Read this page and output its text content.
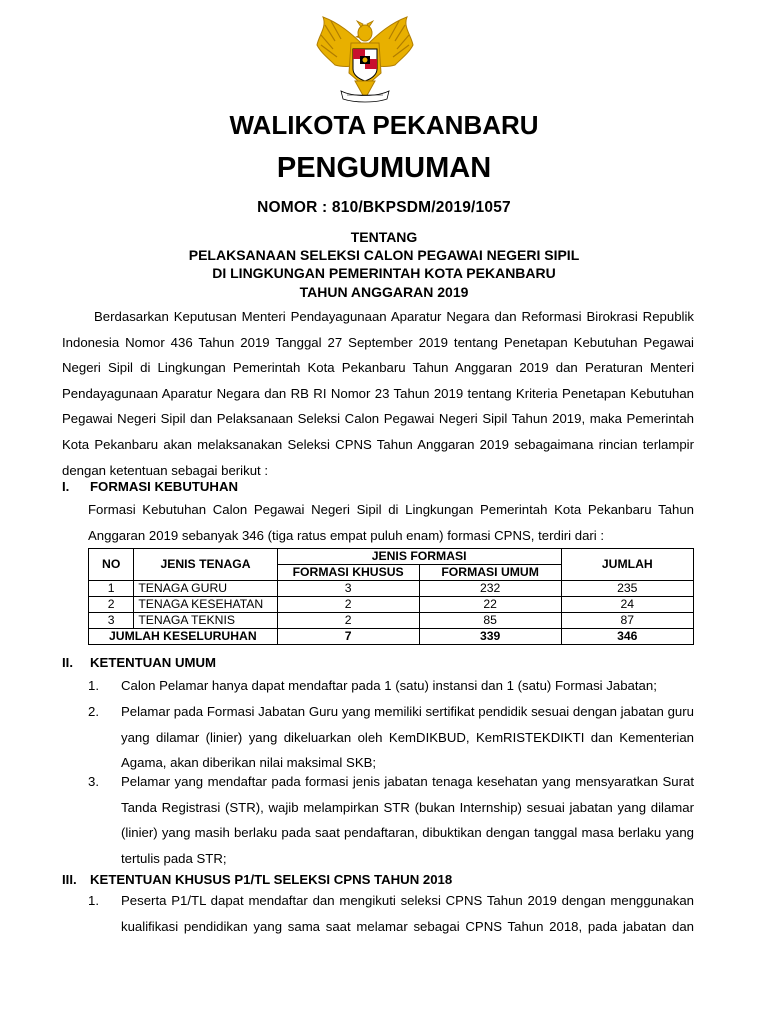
WALIKOTA PEKANBARU
PENGUMUMAN
NOMOR : 810/BKPSDM/2019/1057
TENTANG
PELAKSANAAN SELEKSI CALON PEGAWAI NEGERI SIPIL
DI LINGKUNGAN PEMERINTAH KOTA PEKANBARU
TAHUN ANGGARAN 2019
Berdasarkan Keputusan Menteri Pendayagunaan Aparatur Negara dan Reformasi Birokrasi Republik Indonesia Nomor 436 Tahun 2019 Tanggal 27 September 2019 tentang Penetapan Kebutuhan Pegawai Negeri Sipil di Lingkungan Pemerintah Kota Pekanbaru Tahun Anggaran 2019 dan Peraturan Menteri Pendayagunaan Aparatur Negara dan RB RI Nomor 23 Tahun 2019 tentang Kriteria Penetapan Kebutuhan Pegawai Negeri Sipil dan Pelaksanaan Seleksi Calon Pegawai Negeri Sipil Tahun 2019, maka Pemerintah Kota Pekanbaru akan melaksanakan Seleksi CPNS Tahun Anggaran 2019 sebagaimana rincian terlampir dengan ketentuan sebagai berikut :
I. FORMASI KEBUTUHAN
Formasi Kebutuhan Calon Pegawai Negeri Sipil di Lingkungan Pemerintah Kota Pekanbaru Tahun Anggaran 2019 sebanyak 346 (tiga ratus empat puluh enam) formasi CPNS, terdiri dari :
NO	JENIS TENAGA	JENIS FORMASI		JUMLAH
		FORMASI KHUSUS	FORMASI UMUM	
1	TENAGA GURU	3	232	235
2	TENAGA KESEHATAN	2	22	24
3	TENAGA TEKNIS	2	85	87
JUMLAH KESELURUHAN		7	339	346
II. KETENTUAN UMUM
1. Calon Pelamar hanya dapat mendaftar pada 1 (satu) instansi dan 1 (satu) Formasi Jabatan;
2. Pelamar pada Formasi Jabatan Guru yang memiliki sertifikat pendidik sesuai dengan jabatan guru yang dilamar (linier) yang dikeluarkan oleh KemDIKBUD, KemRISTEKDIKTI dan Kementerian Agama, akan diberikan nilai maksimal SKB;
3. Pelamar yang mendaftar pada formasi jenis jabatan tenaga kesehatan yang mensyaratkan Surat Tanda Registrasi (STR), wajib melampirkan STR (bukan Internship) sesuai jabatan yang dilamar (linier) yang masih berlaku pada saat pendaftaran, dibuktikan dengan tanggal masa berlaku yang tertulis pada STR;
III. KETENTUAN KHUSUS P1/TL SELEKSI CPNS TAHUN 2018
1. Peserta P1/TL dapat mendaftar dan mengikuti seleksi CPNS Tahun 2019 dengan menggunakan kualifikasi pendidikan yang sama saat melamar sebagai CPNS Tahun 2018, pada jabatan dan
